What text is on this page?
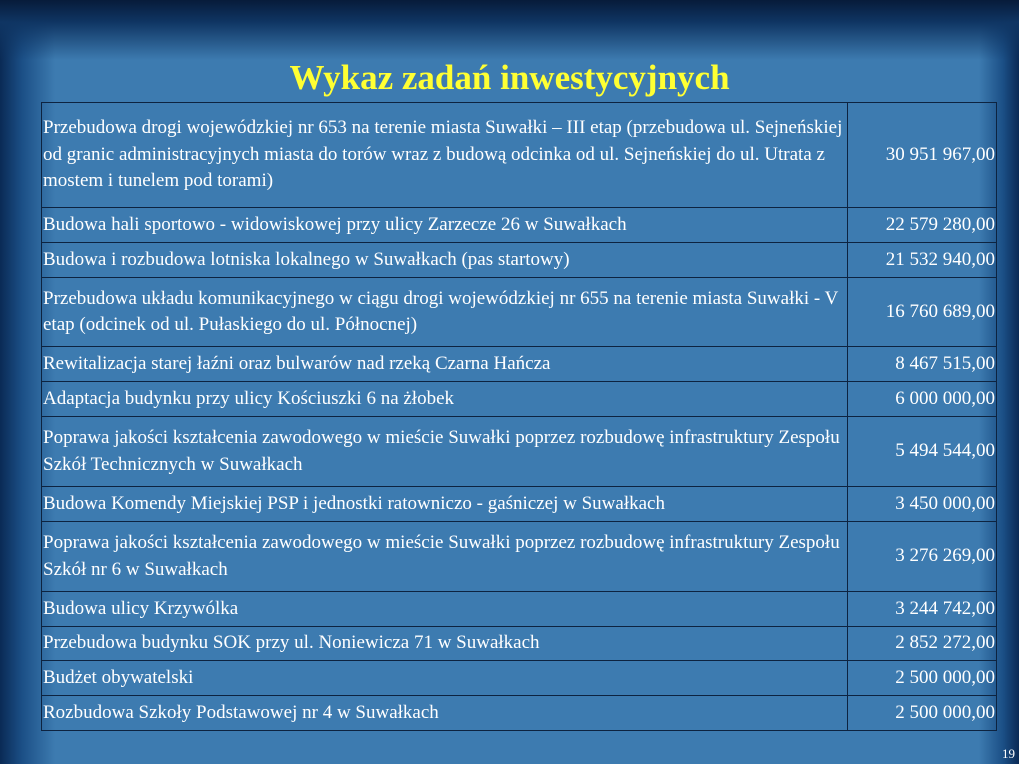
Wykaz zadań inwestycyjnych
Przebudowa drogi wojewódzkiej nr 653 na terenie miasta Suwałki – III etap (przebudowa ul. Sejneńskiej od granic administracyjnych miasta do torów wraz z budową odcinka od ul. Sejneńskiej do ul. Utrata z mostem i tunelem pod torami)	30 951 967,00
Budowa hali sportowo - widowiskowej przy ulicy Zarzecze 26 w Suwałkach	22 579 280,00
Budowa i rozbudowa lotniska lokalnego w Suwałkach (pas startowy)	21 532 940,00
Przebudowa układu komunikacyjnego w ciągu drogi wojewódzkiej nr 655 na terenie miasta Suwałki - V etap (odcinek od ul. Pułaskiego do ul. Północnej)	16 760 689,00
Rewitalizacja starej łaźni oraz bulwarów nad rzeką Czarna Hańcza	8 467 515,00
Adaptacja budynku przy ulicy Kościuszki 6 na żłobek	6 000 000,00
Poprawa jakości kształcenia zawodowego w mieście Suwałki poprzez rozbudowę infrastruktury Zespołu Szkół Technicznych w Suwałkach	5 494 544,00
Budowa Komendy Miejskiej PSP i jednostki ratowniczo - gaśniczej w Suwałkach	3 450 000,00
Poprawa jakości kształcenia zawodowego w mieście Suwałki poprzez rozbudowę infrastruktury Zespołu Szkół nr 6 w Suwałkach	3 276 269,00
Budowa ulicy Krzywólka	3 244 742,00
Przebudowa budynku SOK przy ul. Noniewicza 71 w Suwałkach	2 852 272,00
Budżet obywatelski	2 500 000,00
Rozbudowa Szkoły Podstawowej nr 4 w Suwałkach	2 500 000,00
19
